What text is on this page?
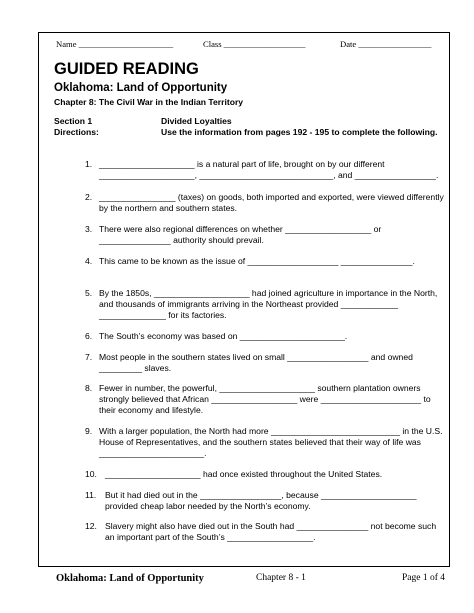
Name ______________________	Class ___________________	Date _________________
GUIDED READING
Oklahoma: Land of Opportunity
Chapter 8: The Civil War in the Indian Territory
Section 1	Divided Loyalties
Directions:	Use the information from pages 192 - 195 to complete the following.
1. ____________________ is a natural part of life, brought on by our different ____________________, ____________________________, and _________________.
2. ________________ (taxes) on goods, both imported and exported, were viewed differently by the northern and southern states.
3. There were also regional differences on whether __________________ or _______________ authority should prevail.
4. This came to be known as the issue of ___________________ _______________.
5. By the 1850s, ____________________ had joined agriculture in importance in the North, and thousands of immigrants arriving in the Northeast provided ____________ ______________ for its factories.
6. The South’s economy was based on ______________________.
7. Most people in the southern states lived on small _________________ and owned _________ slaves.
8. Fewer in number, the powerful, ____________________ southern plantation owners strongly believed that African __________________ were _____________________ to their economy and lifestyle.
9. With a larger population, the North had more ___________________________ in the U.S. House of Representatives, and the southern states believed that their way of life was ______________________.
10. ____________________ had once existed throughout the United States.
11. But it had died out in the _________________, because ____________________ provided cheap labor needed by the North’s economy.
12. Slavery might also have died out in the South had _______________ not become such an important part of the South’s __________________.
Oklahoma: Land of Opportunity	Chapter 8 - 1	Page 1 of 4
